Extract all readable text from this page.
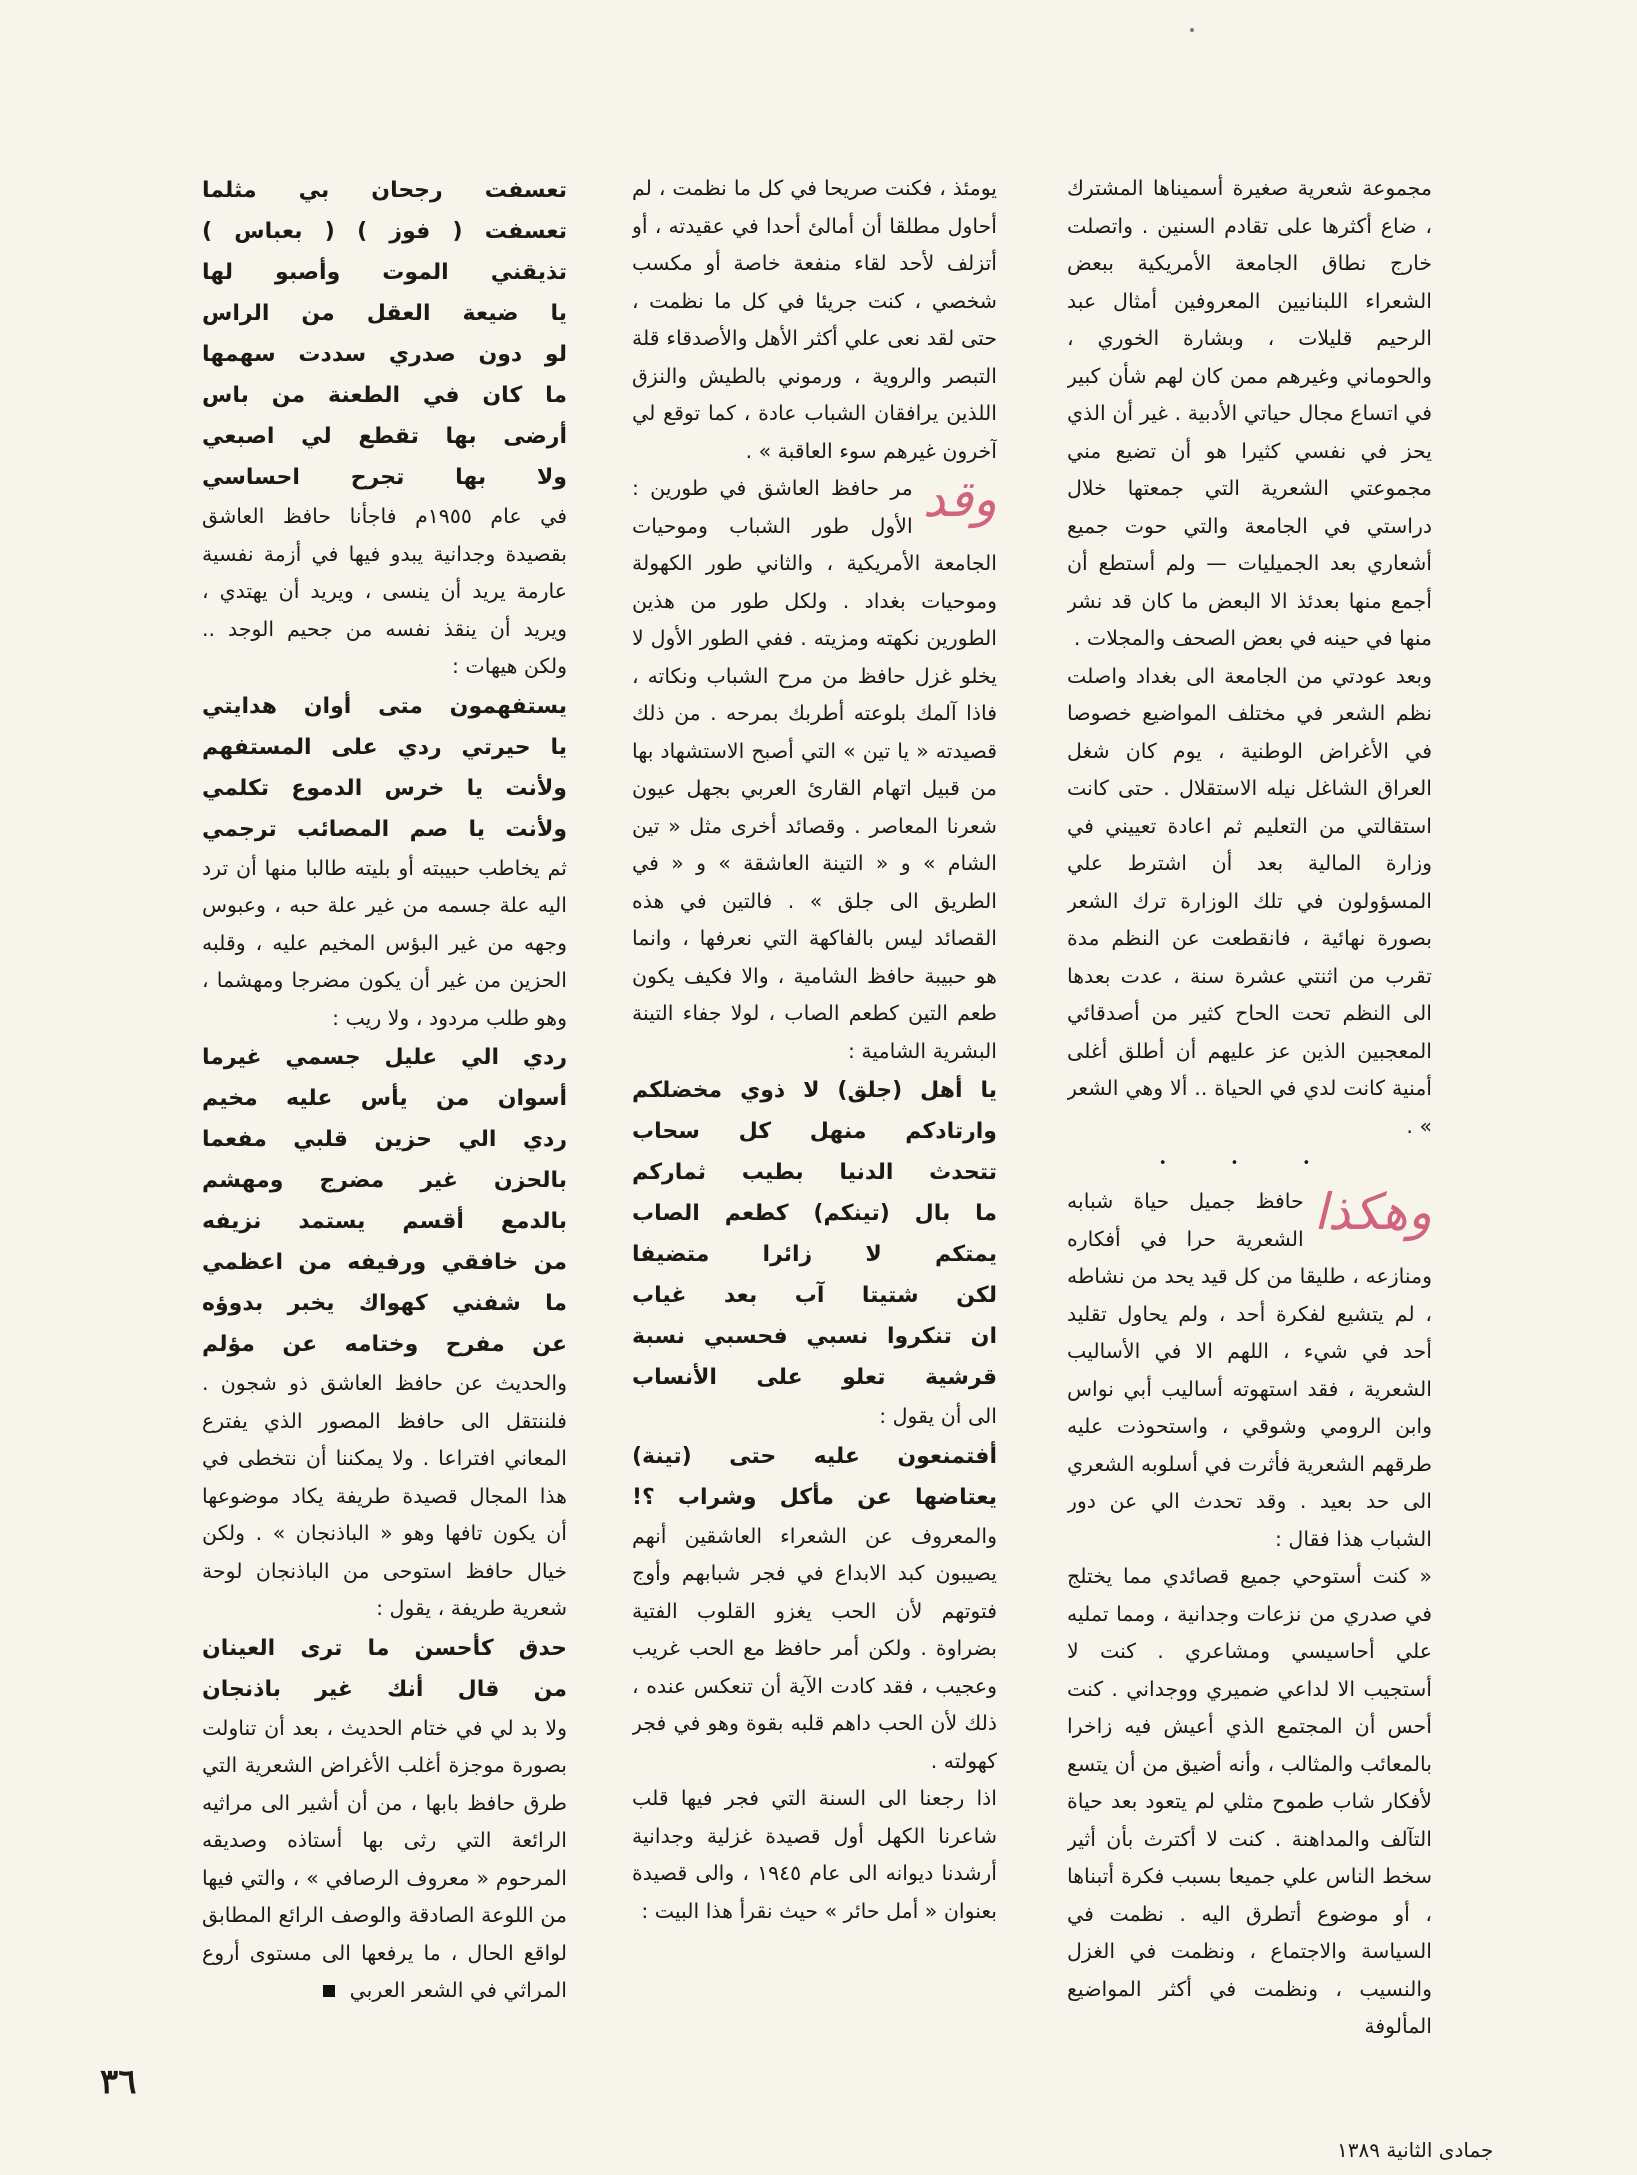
مجموعة شعرية صغيرة أسميناها المشترك ، ضاع أكثرها على تقادم السنين . واتصلت خارج نطاق الجامعة الأمريكية ببعض الشعراء اللبنانيين المعروفين أمثال عبد الرحيم قليلات ، وبشارة الخوري ، والحوماني وغيرهم ممن كان لهم شأن كبير في اتساع مجال حياتي الأدبية . غير أن الذي يحز في نفسي كثيرا هو أن تضيع مني مجموعتي الشعرية التي جمعتها خلال دراستي في الجامعة والتي حوت جميع أشعاري بعد الجميليات — ولم أستطع أن أجمع منها بعدئذ الا البعض ما كان قد نشر منها في حينه في بعض الصحف والمجلات .

وبعد عودتي من الجامعة الى بغداد واصلت نظم الشعر في مختلف المواضيع خصوصا في الأغراض الوطنية ، يوم كان شغل العراق الشاغل نيله الاستقلال . حتى كانت استقالتي من التعليم ثم اعادة تعييني في وزارة المالية بعد أن اشترط علي المسؤولون في تلك الوزارة ترك الشعر بصورة نهائية ، فانقطعت عن النظم مدة تقرب من اثنتي عشرة سنة ، عدت بعدها الى النظم تحت الحاح كثير من أصدقائي المعجبين الذين عز عليهم أن أطلق أغلى أمنية كانت لدي في الحياة .. ألا وهي الشعر » .

• • •

وهكذا
حافظ جميل حياة شبابه الشعرية حرا في أفكاره ومنازعه ، طليقا من كل قيد يحد من نشاطه ، لم يتشيع لفكرة أحد ، ولم يحاول تقليد أحد في شيء ، اللهم الا في الأساليب الشعرية ، فقد استهوته أساليب أبي نواس وابن الرومي وشوقي ، واستحوذت عليه طرقهم الشعرية فأثرت في أسلوبه الشعري الى حد بعيد . وقد تحدث الي عن دور الشباب هذا فقال :

« كنت أستوحي جميع قصائدي مما يختلج في صدري من نزعات وجدانية ، ومما تمليه علي أحاسيسي ومشاعري . كنت لا أستجيب الا لداعي ضميري ووجداني . كنت أحس أن المجتمع الذي أعيش فيه زاخرا بالمعائب والمثالب ، وأنه أضيق من أن يتسع لأفكار شاب طموح مثلي لم يتعود بعد حياة التآلف والمداهنة . كنت لا أكترث بأن أثير سخط الناس علي جميعا بسبب فكرة أتبناها ، أو موضوع أتطرق اليه . نظمت في السياسة والاجتماع ، ونظمت في الغزل والنسيب ، ونظمت في أكثر المواضيع المألوفة

يومئذ ، فكنت صريحا في كل ما نظمت ، لم أحاول مطلقا أن أمالئ أحدا في عقيدته ، أو أتزلف لأحد لقاء منفعة خاصة أو مكسب شخصي ، كنت جريئا في كل ما نظمت ، حتى لقد نعى علي أكثر الأهل والأصدقاء قلة التبصر والروية ، ورموني بالطيش والنزق اللذين يرافقان الشباب عادة ، كما توقع لي آخرون غيرهم سوء العاقبة » .

وقد
مر حافظ العاشق في طورين : الأول طور الشباب وموحيات الجامعة الأمريكية ، والثاني طور الكهولة وموحيات بغداد . ولكل طور من هذين الطورين نكهته ومزيته . ففي الطور الأول لا يخلو غزل حافظ من مرح الشباب ونكاته ، فاذا آلمك بلوعته أطربك بمرحه . من ذلك قصيدته « يا تين » التي أصبح الاستشهاد بها من قبيل اتهام القارئ العربي بجهل عيون شعرنا المعاصر . وقصائد أخرى مثل « تين الشام » و « التينة العاشقة » و « في الطريق الى جلق » . فالتين في هذه القصائد ليس بالفاكهة التي نعرفها ، وانما هو حبيبة حافظ الشامية ، والا فكيف يكون طعم التين كطعم الصاب ، لولا جفاء التينة البشرية الشامية :

يا أهل (جلق) لا ذوي مخضلكم
وارتادكم منهل كل سحاب
تتحدث الدنيا بطيب ثماركم
ما بال (تينكم) كطعم الصاب
يمتكم لا زائرا متضيفا
لكن شتيتا آب بعد غياب
ان تنكروا نسبي فحسبي نسبة
قرشية تعلو على الأنساب

الى أن يقول :

أفتمنعون عليه حتى (تينة)
يعتاضها عن مأكل وشراب ؟!

والمعروف عن الشعراء العاشقين أنهم يصيبون كبد الابداع في فجر شبابهم وأوج فتوتهم لأن الحب يغزو القلوب الفتية بضراوة . ولكن أمر حافظ مع الحب غريب وعجيب ، فقد كادت الآية أن تنعكس عنده ، ذلك لأن الحب داهم قلبه بقوة وهو في فجر كهولته .

اذا رجعنا الى السنة التي فجر فيها قلب شاعرنا الكهل أول قصيدة غزلية وجدانية أرشدنا ديوانه الى عام ١٩٤٥ ، والى قصيدة بعنوان « أمل حائر » حيث نقرأ هذا البيت :

تعسفت رجحان بي مثلما
تعسفت ( فوز ) ( بعباس )
تذيقني الموت وأصبو لها
يا ضيعة العقل من الراس
لو دون صدري سددت سهمها
ما كان في الطعنة من باس
أرضى بها تقطع لي اصبعي
ولا بها تجرح احساسي

في عام ١٩٥٥م فاجأنا حافظ العاشق بقصيدة وجدانية يبدو فيها في أزمة نفسية عارمة يريد أن ينسى ، ويريد أن يهتدي ، ويريد أن ينقذ نفسه من جحيم الوجد .. ولكن هيهات :

يستفهمون متى أوان هدايتي
يا حيرتي ردي على المستفهم
ولأنت يا خرس الدموع تكلمي
ولأنت يا صم المصائب ترجمي

ثم يخاطب حبيبته أو بليته طالبا منها أن ترد اليه علة جسمه من غير علة حبه ، وعبوس وجهه من غير البؤس المخيم عليه ، وقلبه الحزين من غير أن يكون مضرجا ومهشما ، وهو طلب مردود ، ولا ريب :

ردي الي عليل جسمي غيرما
أسوان من يأس عليه مخيم
ردي الي حزين قلبي مفعما
بالحزن غير مضرج ومهشم
بالدمع أقسم يستمد نزيفه
من خافقي ورفيفه من اعظمي
ما شفني كهواك يخبر بدوؤه
عن مفرح وختامه عن مؤلم

والحديث عن حافظ العاشق ذو شجون . فلننتقل الى حافظ المصور الذي يفترع المعاني افتراعا . ولا يمكننا أن نتخطى في هذا المجال قصيدة طريفة يكاد موضوعها أن يكون تافها وهو « الباذنجان » . ولكن خيال حافظ استوحى من الباذنجان لوحة شعرية طريفة ، يقول :

حدق كأحسن ما ترى العينان
من قال أنك غير باذنجان

ولا بد لي في ختام الحديث ، بعد أن تناولت بصورة موجزة أغلب الأغراض الشعرية التي طرق حافظ بابها ، من أن أشير الى مراثيه الرائعة التي رثى بها أستاذه وصديقه المرحوم « معروف الرصافي » ، والتي فيها من اللوعة الصادقة والوصف الرائع المطابق لواقع الحال ، ما يرفعها الى مستوى أروع المراثي في الشعر العربي

٣٦
جمادى الثانية ١٣٨٩
